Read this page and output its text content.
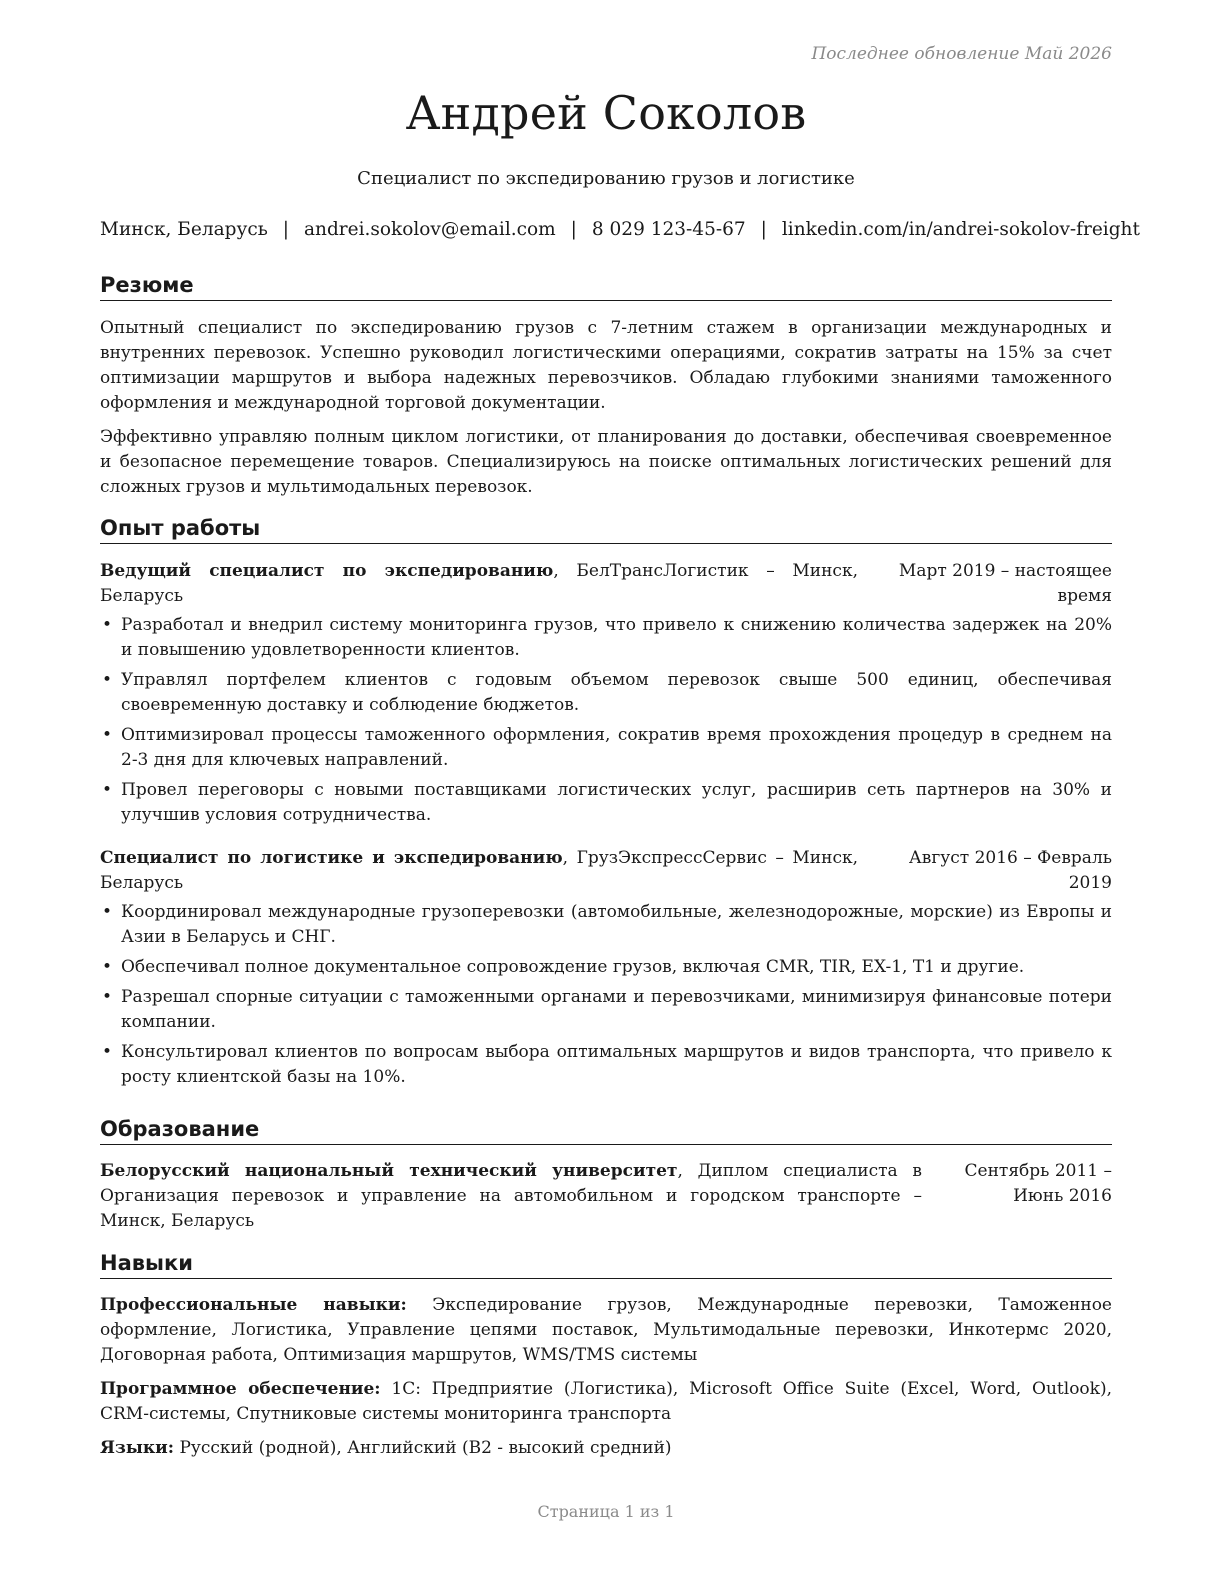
Последнее обновление Май 2026
Андрей Соколов
Специалист по экспедированию грузов и логистике
Минск, Беларусь | andrei.sokolov@email.com | 8 029 123-45-67 | linkedin.com/in/andrei-sokolov-freight
Резюме

Опытный специалист по экспедированию грузов с 7-летним стажем в организации международных и внутренних перевозок. Успешно руководил логистическими операциями, сократив затраты на 15% за счет оптимизации маршрутов и выбора надежных перевозчиков. Обладаю глубокими знаниями таможенного оформления и международной торговой документации.

Эффективно управляю полным циклом логистики, от планирования до доставки, обеспечивая своевременное и безопасное перемещение товаров. Специализируюсь на поиске оптимальных логистических решений для сложных грузов и мультимодальных перевозок.

Опыт работы
Ведущий специалист по экспедированию, БелТрансЛогистик – Минск, Беларусь
Март 2019 – настоящее время
• Разработал и внедрил систему мониторинга грузов, что привело к снижению количества задержек на 20% и повышению удовлетворенности клиентов.
• Управлял портфелем клиентов с годовым объемом перевозок свыше 500 единиц, обеспечивая своевременную доставку и соблюдение бюджетов.
• Оптимизировал процессы таможенного оформления, сократив время прохождения процедур в среднем на 2-3 дня для ключевых направлений.
• Провел переговоры с новыми поставщиками логистических услуг, расширив сеть партнеров на 30% и улучшив условия сотрудничества.
Специалист по логистике и экспедированию, ГрузЭкспрессСервис – Минск, Беларусь
Август 2016 – Февраль 2019
• Координировал международные грузоперевозки (автомобильные, железнодорожные, морские) из Европы и Азии в Беларусь и СНГ.
• Обеспечивал полное документальное сопровождение грузов, включая CMR, TIR, EX-1, T1 и другие.
• Разрешал спорные ситуации с таможенными органами и перевозчиками, минимизируя финансовые потери компании.
• Консультировал клиентов по вопросам выбора оптимальных маршрутов и видов транспорта, что привело к росту клиентской базы на 10%.
Образование
Белорусский национальный технический университет, Диплом специалиста в Организация перевозок и управление на автомобильном и городском транспорте – Минск, Беларусь
Сентябрь 2011 – Июнь 2016
Навыки

Профессиональные навыки: Экспедирование грузов, Международные перевозки, Таможенное оформление, Логистика, Управление цепями поставок, Мультимодальные перевозки, Инкотермс 2020, Договорная работа, Оптимизация маршрутов, WMS/TMS системы

Программное обеспечение: 1С: Предприятие (Логистика), Microsoft Office Suite (Excel, Word, Outlook), CRM-системы, Спутниковые системы мониторинга транспорта

Языки: Русский (родной), Английский (B2 - высокий средний)

Страница 1 из 1
